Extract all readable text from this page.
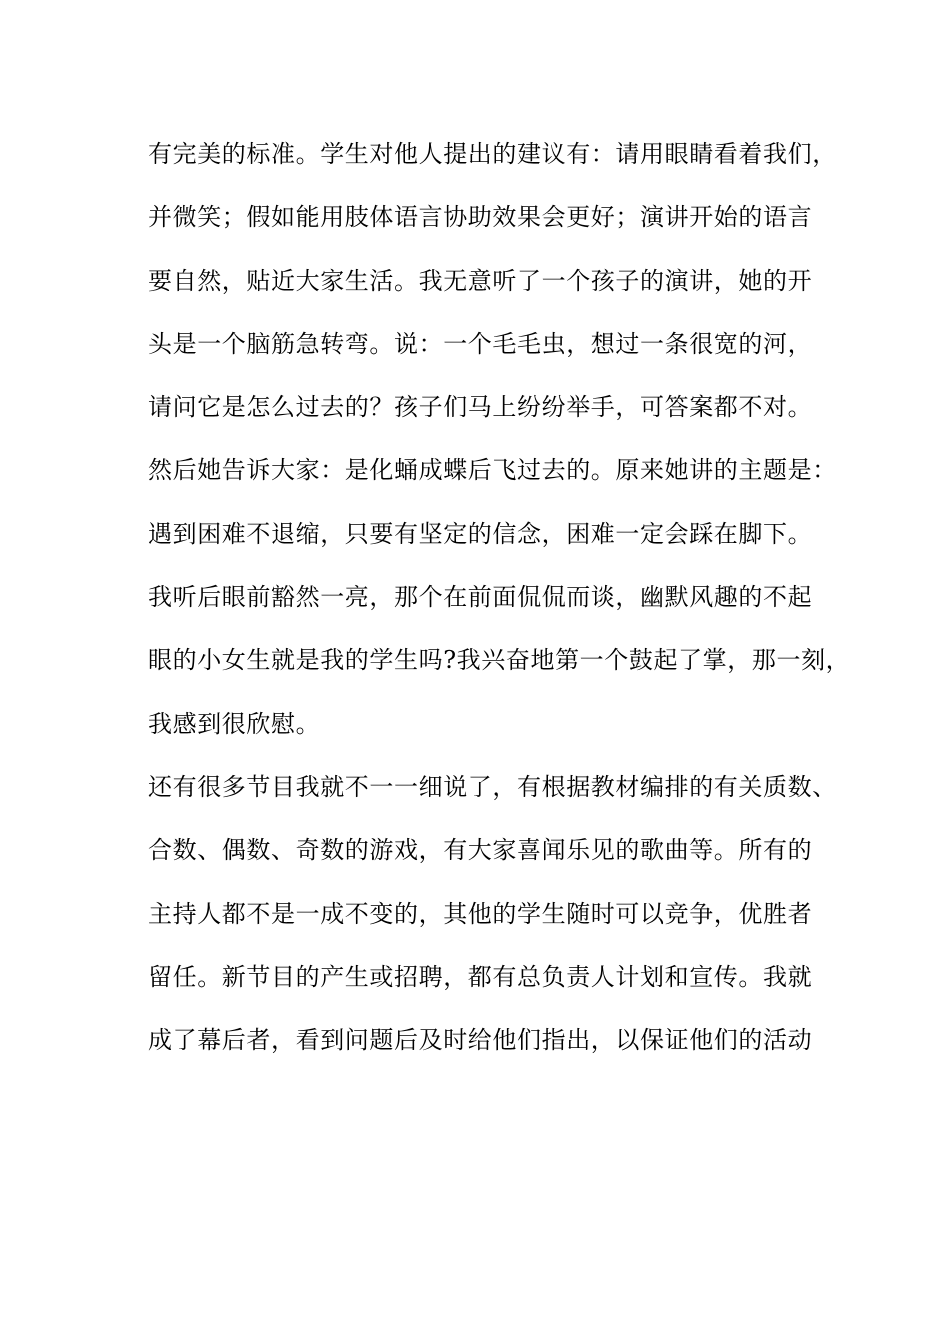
有完美的标准。学生对他人提出的建议有：请用眼睛看着我们，
并微笑；假如能用肢体语言协助效果会更好；演讲开始的语言
要自然，贴近大家生活。我无意听了一个孩子的演讲，她的开
头是一个脑筋急转弯。说：一个毛毛虫，想过一条很宽的河，
请问它是怎么过去的？孩子们马上纷纷举手，可答案都不对。
然后她告诉大家：是化蛹成蝶后飞过去的。原来她讲的主题是：
遇到困难不退缩，只要有坚定的信念，困难一定会踩在脚下。
我听后眼前豁然一亮，那个在前面侃侃而谈，幽默风趣的不起
眼的小女生就是我的学生吗?我兴奋地第一个鼓起了掌，那一刻，
我感到很欣慰。
还有很多节目我就不一一细说了，有根据教材编排的有关质数、
合数、偶数、奇数的游戏，有大家喜闻乐见的歌曲等。所有的
主持人都不是一成不变的，其他的学生随时可以竞争，优胜者
留任。新节目的产生或招聘，都有总负责人计划和宣传。我就
成了幕后者，看到问题后及时给他们指出，以保证他们的活动
